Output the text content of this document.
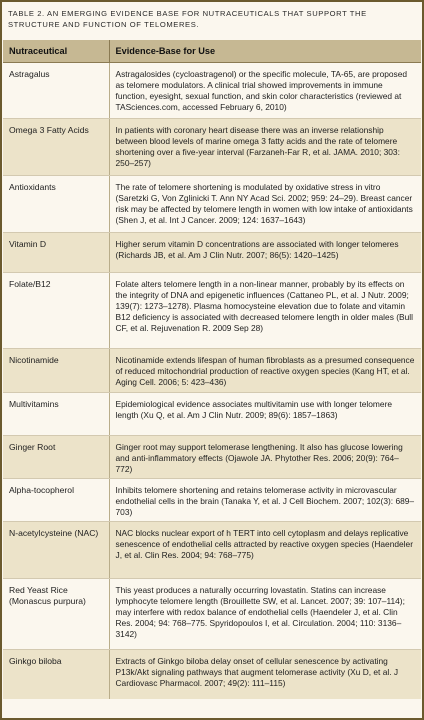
TABLE 2. AN EMERGING EVIDENCE BASE FOR NUTRACEUTICALS THAT SUPPORT THE STRUCTURE AND FUNCTION OF TELOMERES.
Nutraceutical	Evidence-Base for Use
Astragalus	Astragalosides (cycloastragenol) or the specific molecule, TA-65, are proposed as telomere modulators. A clinical trial showed improvements in immune function, eyesight, sexual function, and skin color characteristics (reviewed at TASciences.com, accessed February 6, 2010)
Omega 3 Fatty Acids	In patients with coronary heart disease there was an inverse relationship between blood levels of marine omega 3 fatty acids and the rate of telomere shortening over a five-year interval (Farzaneh-Far R, et al. JAMA. 2010; 303: 250–257)
Antioxidants	The rate of telomere shortening is modulated by oxidative stress in vitro (Saretzki G, Von Zglinicki T. Ann NY Acad Sci. 2002; 959: 24–29). Breast cancer risk may be affected by telomere length in women with low intake of antioxidants (Shen J, et al. Int J Cancer. 2009; 124: 1637–1643)
Vitamin D	Higher serum vitamin D concentrations are associated with longer telomeres (Richards JB, et al. Am J Clin Nutr. 2007; 86(5): 1420–1425)
Folate/B12	Folate alters telomere length in a non-linear manner, probably by its effects on the integrity of DNA and epigenetic influences (Cattaneo PL, et al. J Nutr. 2009; 139(7): 1273–1278). Plasma homocysteine elevation due to folate and vitamin B12 deficiency is associated with decreased telomere length in older males (Bull CF, et al. Rejuvenation R. 2009 Sep 28)
Nicotinamide	Nicotinamide extends lifespan of human fibroblasts as a presumed consequence of reduced mitochondrial production of reactive oxygen species (Kang HT, et al. Aging Cell. 2006; 5: 423–436)
Multivitamins	Epidemiological evidence associates multivitamin use with longer telomere length (Xu Q, et al. Am J Clin Nutr. 2009; 89(6): 1857–1863)
Ginger Root	Ginger root may support telomerase lengthening. It also has glucose lowering and anti-inflammatory effects (Ojawole JA. Phytother Res. 2006; 20(9): 764–772)
Alpha-tocopherol	Inhibits telomere shortening and retains telomerase activity in microvascular endothelial cells in the brain (Tanaka Y, et al. J Cell Biochem. 2007; 102(3): 689–703)
N-acetylcysteine (NAC)	NAC blocks nuclear export of h TERT into cell cytoplasm and delays replicative senescence of endothelial cells attracted by reactive oxygen species (Haendeler J, et al. Clin Res. 2004; 94: 768–775)
Red Yeast Rice (Monascus purpura)	This yeast produces a naturally occurring lovastatin. Statins can increase lymphocyte telomere length (Brouillette SW, et al. Lancet. 2007; 39: 107–114); may interfere with redox balance of endothelial cells (Haendeler J, et al. Clin Res. 2004; 94: 768–775. Spyridopoulos I, et al. Circulation. 2004; 110: 3136–3142)
Ginkgo biloba	Extracts of Ginkgo biloba delay onset of cellular senescence by activating P13k/Akt signaling pathways that augment telomerase activity (Xu D, et al. J Cardiovasc Pharmacol. 2007; 49(2): 111–115)
